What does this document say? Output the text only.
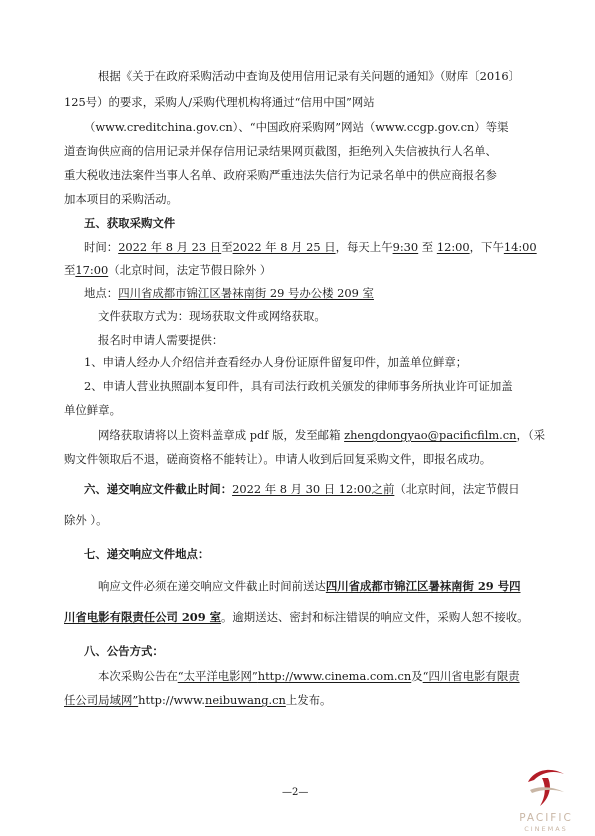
根据《关于在政府采购活动中查询及使用信用记录有关问题的通知》（财库〔2016〕
125号）的要求，采购人/采购代理机构将通过“信用中国”网站
（www.creditchina.gov.cn）、“中国政府采购网”网站（www.ccgp.gov.cn）等渠
道查询供应商的信用记录并保存信用记录结果网页截图，拒绝列入失信被执行人名单、
重大税收违法案件当事人名单、政府采购严重违法失信行为记录名单中的供应商报名参
加本项目的采购活动。
五、获取采购文件
时间：2022 年 8 月 23 日至2022 年 8 月 25 日，每天上午9:30 至 12:00，下午14:00
至17:00（北京时间，法定节假日除外 ）
地点：四川省成都市锦江区暑袜南街 29 号办公楼 209 室
文件获取方式为：现场获取文件或网络获取。
报名时申请人需要提供：
1、申请人经办人介绍信并查看经办人身份证原件留复印件，加盖单位鲜章；
2、申请人营业执照副本复印件，具有司法行政机关颁发的律师事务所执业许可证加盖
单位鲜章。
网络获取请将以上资料盖章成 pdf 版，发至邮箱 zhengdongyao@pacificfilm.cn，（采
购文件领取后不退，磋商资格不能转让）。申请人收到后回复采购文件，即报名成功。
六、递交响应文件截止时间：2022 年 8 月 30 日 12:00之前（北京时间，法定节假日
除外 ）。
七、递交响应文件地点：
响应文件必须在递交响应文件截止时间前送达四川省成都市锦江区暑袜南街 29 号四
川省电影有限责任公司 209 室。逾期送达、密封和标注错误的响应文件，采购人恕不接收。
八、公告方式：
本次采购公告在“太平洋电影网”http://www.cinema.com.cn及“四川省电影有限责
任公司局域网”http://www.neibuwang.cn上发布。
—2—
PACIFIC
CINEMAS
